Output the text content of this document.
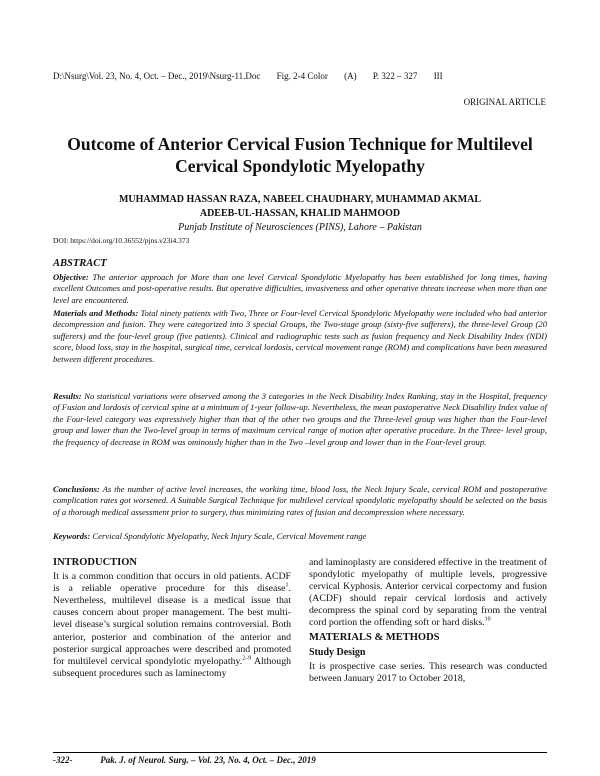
D:\Nsurg\Vol. 23, No. 4, Oct. – Dec., 2019\Nsurg-11.Doc Fig. 2-4 Color (A) P. 322 – 327 III
ORIGINAL ARTICLE
Outcome of Anterior Cervical Fusion Technique for Multilevel Cervical Spondylotic Myelopathy
MUHAMMAD HASSAN RAZA, NABEEL CHAUDHARY, MUHAMMAD AKMAL
ADEEB-UL-HASSAN, KHALID MAHMOOD
Punjab Institute of Neurosciences (PINS), Lahore – Pakistan
DOI: https://doi.org/10.36552/pjns.v23i4.373
ABSTRACT

Objective: The anterior approach for More than one level Cervical Spondylotic Myelopathy has been established for long times, having excellent Outcomes and post-operative results. But operative difficulties, invasiveness and other operative threats increase when more than one level are encountered.

Materials and Methods: Total ninety patients with Two, Three or Four-level Cervical Spondylotic Myelopathy were included who had anterior decompression and fusion. They were categorized into 3 special Groups, the Two-stage group (sixty-five sufferers), the three-level Group (20 sufferers) and the four-level group (five patients). Clinical and radiographic tests such as fusion frequency and Neck Disability Index (NDI) score, blood loss, stay in the hospital, surgical time, cervical lordosis, cervical movement range (ROM) and complications have been measured between different procedures.

Results: No statistical variations were observed among the 3 categories in the Neck Disability Index Ranking, stay in the Hospital, frequency of Fusion and lordosis of cervical spine at a minimum of 1-year follow-up. Nevertheless, the mean postoperative Neck Disability Index value of the Four-level category was expressively higher than that of the other two groups and the Three-level group was higher than the Four-level group and lower than the Two-level group in terms of maximum cervical range of motion after operative procedure. In the Three- level group, the frequency of decrease in ROM was ominously higher than in the Two –level group and lower than in the Four-level group.

Conclusions: As the number of active level increases, the working time, blood loss, the Neck Injury Scale, cervical ROM and postoperative complication rates got worsened. A Suitable Surgical Technique for multilevel cervical spondylotic myelopathy should be selected on the basis of a thorough medical assessment prior to surgery, thus minimizing rates of fusion and decompression where necessary.

Keywords: Cervical Spondylotic Myelopathy, Neck Injury Scale, Cervical Movement range

INTRODUCTION

It is a common condition that occurs in old patients. ACDF is a reliable operative procedure for this disease$^1$. Nevertheless, multilevel disease is a medical issue that causes concern about proper management. The best multi-level disease’s surgical solution remains controversial. Both anterior, posterior and combination of the anterior and posterior surgical approaches were described and promoted for multilevel cervical spondylotic myelopathy.$^{2-9}$ Although subsequent procedures such as laminectomy

and laminoplasty are considered effective in the treatment of spondylotic myelopathy of multiple levels, progressive cervical Kyphosis. Anterior cervical corpectomy and fusion (ACDF) should repair cervical lordosis and actively decompress the spinal cord by separating from the ventral cord portion the offending soft or hard disks.$^{10}$

MATERIALS & METHODS
Study Design

It is prospective case series. This research was conducted between January 2017 to October 2018,

-322-	Pak. J. of Neurol. Surg. – Vol. 23, No. 4, Oct. – Dec., 2019
